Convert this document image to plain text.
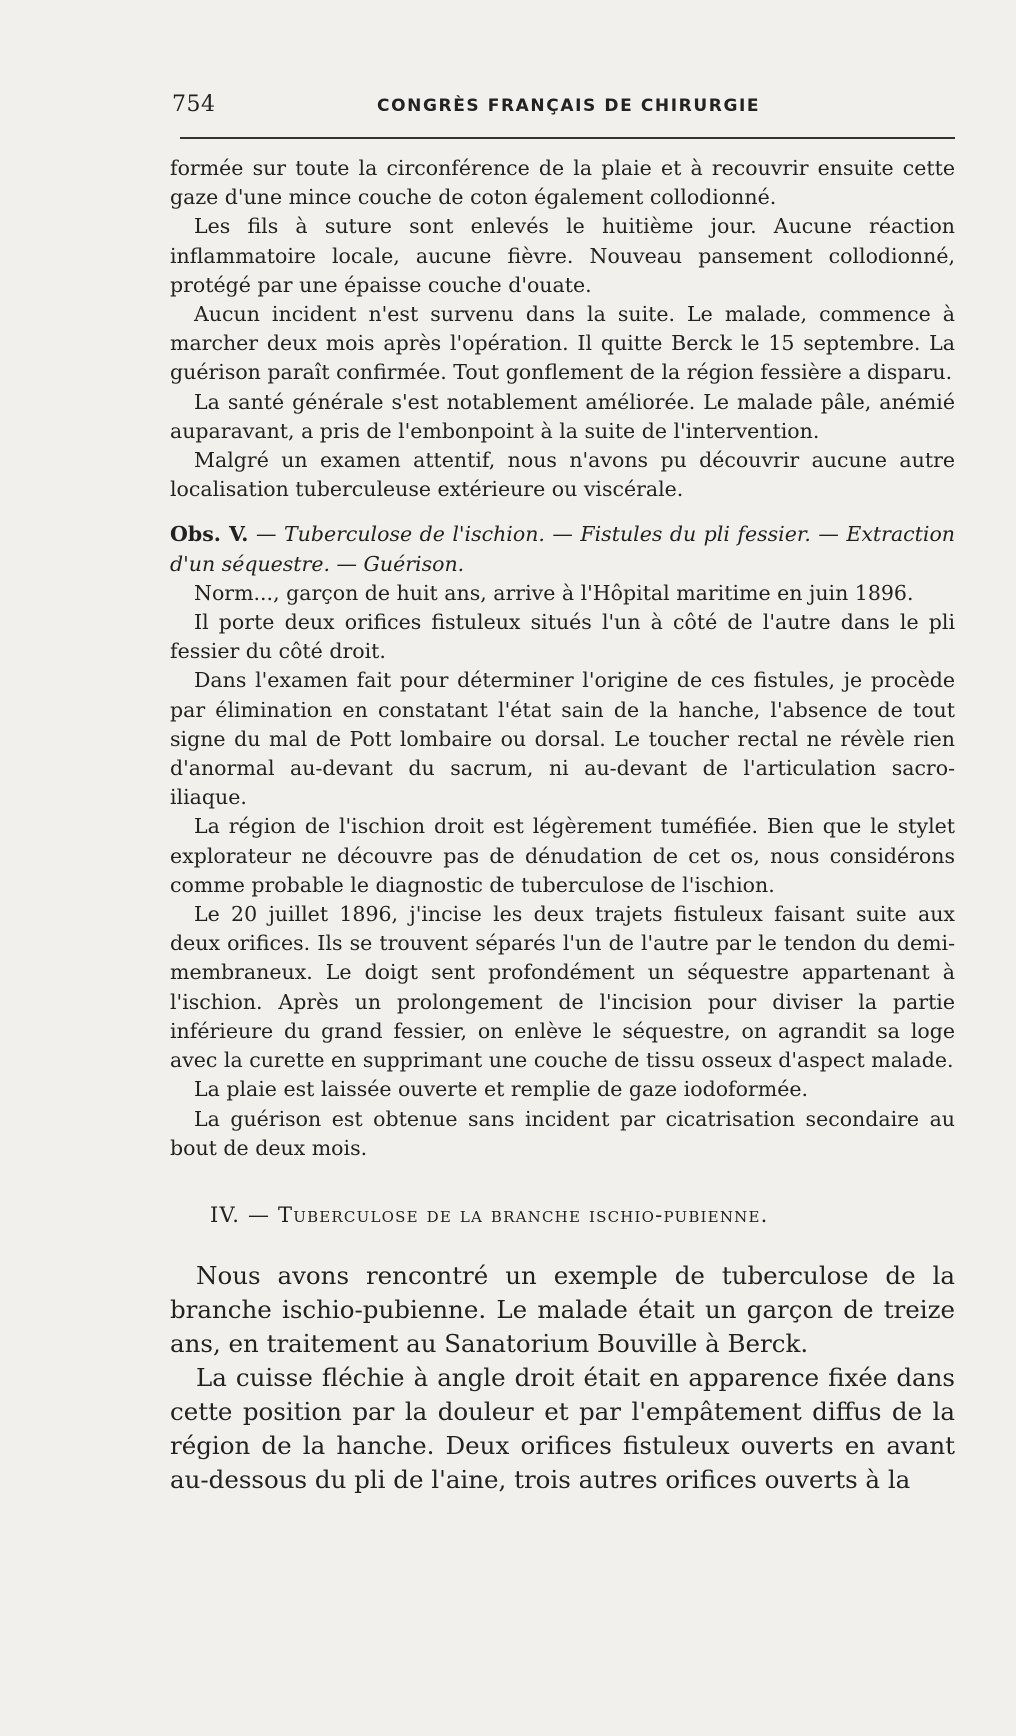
754	CONGRÈS FRANÇAIS DE CHIRURGIE

formée sur toute la circonférence de la plaie et à recouvrir ensuite cette gaze d'une mince couche de coton également collodionné.

Les fils à suture sont enlevés le huitième jour. Aucune réaction inflammatoire locale, aucune fièvre. Nouveau pansement collodionné, protégé par une épaisse couche d'ouate.

Aucun incident n'est survenu dans la suite. Le malade, commence à marcher deux mois après l'opération. Il quitte Berck le 15 septembre. La guérison paraît confirmée. Tout gonflement de la région fessière a disparu.

La santé générale s'est notablement améliorée. Le malade pâle, anémié auparavant, a pris de l'embonpoint à la suite de l'intervention.

Malgré un examen attentif, nous n'avons pu découvrir aucune autre localisation tuberculeuse extérieure ou viscérale.

Obs. V. — Tuberculose de l'ischion. — Fistules du pli fessier. — Extraction d'un séquestre. — Guérison.

Norm..., garçon de huit ans, arrive à l'Hôpital maritime en juin 1896.

Il porte deux orifices fistuleux situés l'un à côté de l'autre dans le pli fessier du côté droit.

Dans l'examen fait pour déterminer l'origine de ces fistules, je procède par élimination en constatant l'état sain de la hanche, l'absence de tout signe du mal de Pott lombaire ou dorsal. Le toucher rectal ne révèle rien d'anormal au-devant du sacrum, ni au-devant de l'articulation sacro-iliaque.

La région de l'ischion droit est légèrement tuméfiée. Bien que le stylet explorateur ne découvre pas de dénudation de cet os, nous considérons comme probable le diagnostic de tuberculose de l'ischion.

Le 20 juillet 1896, j'incise les deux trajets fistuleux faisant suite aux deux orifices. Ils se trouvent séparés l'un de l'autre par le tendon du demi-membraneux. Le doigt sent profondément un séquestre appartenant à l'ischion. Après un prolongement de l'incision pour diviser la partie inférieure du grand fessier, on enlève le séquestre, on agrandit sa loge avec la curette en supprimant une couche de tissu osseux d'aspect malade.

La plaie est laissée ouverte et remplie de gaze iodoformée.

La guérison est obtenue sans incident par cicatrisation secondaire au bout de deux mois.

IV. — Tuberculose de la branche ischio-pubienne.

Nous avons rencontré un exemple de tuberculose de la branche ischio-pubienne. Le malade était un garçon de treize ans, en traitement au Sanatorium Bouville à Berck.

La cuisse fléchie à angle droit était en apparence fixée dans cette position par la douleur et par l'empâtement diffus de la région de la hanche. Deux orifices fistuleux ouverts en avant au-dessous du pli de l'aine, trois autres orifices ouverts à la
